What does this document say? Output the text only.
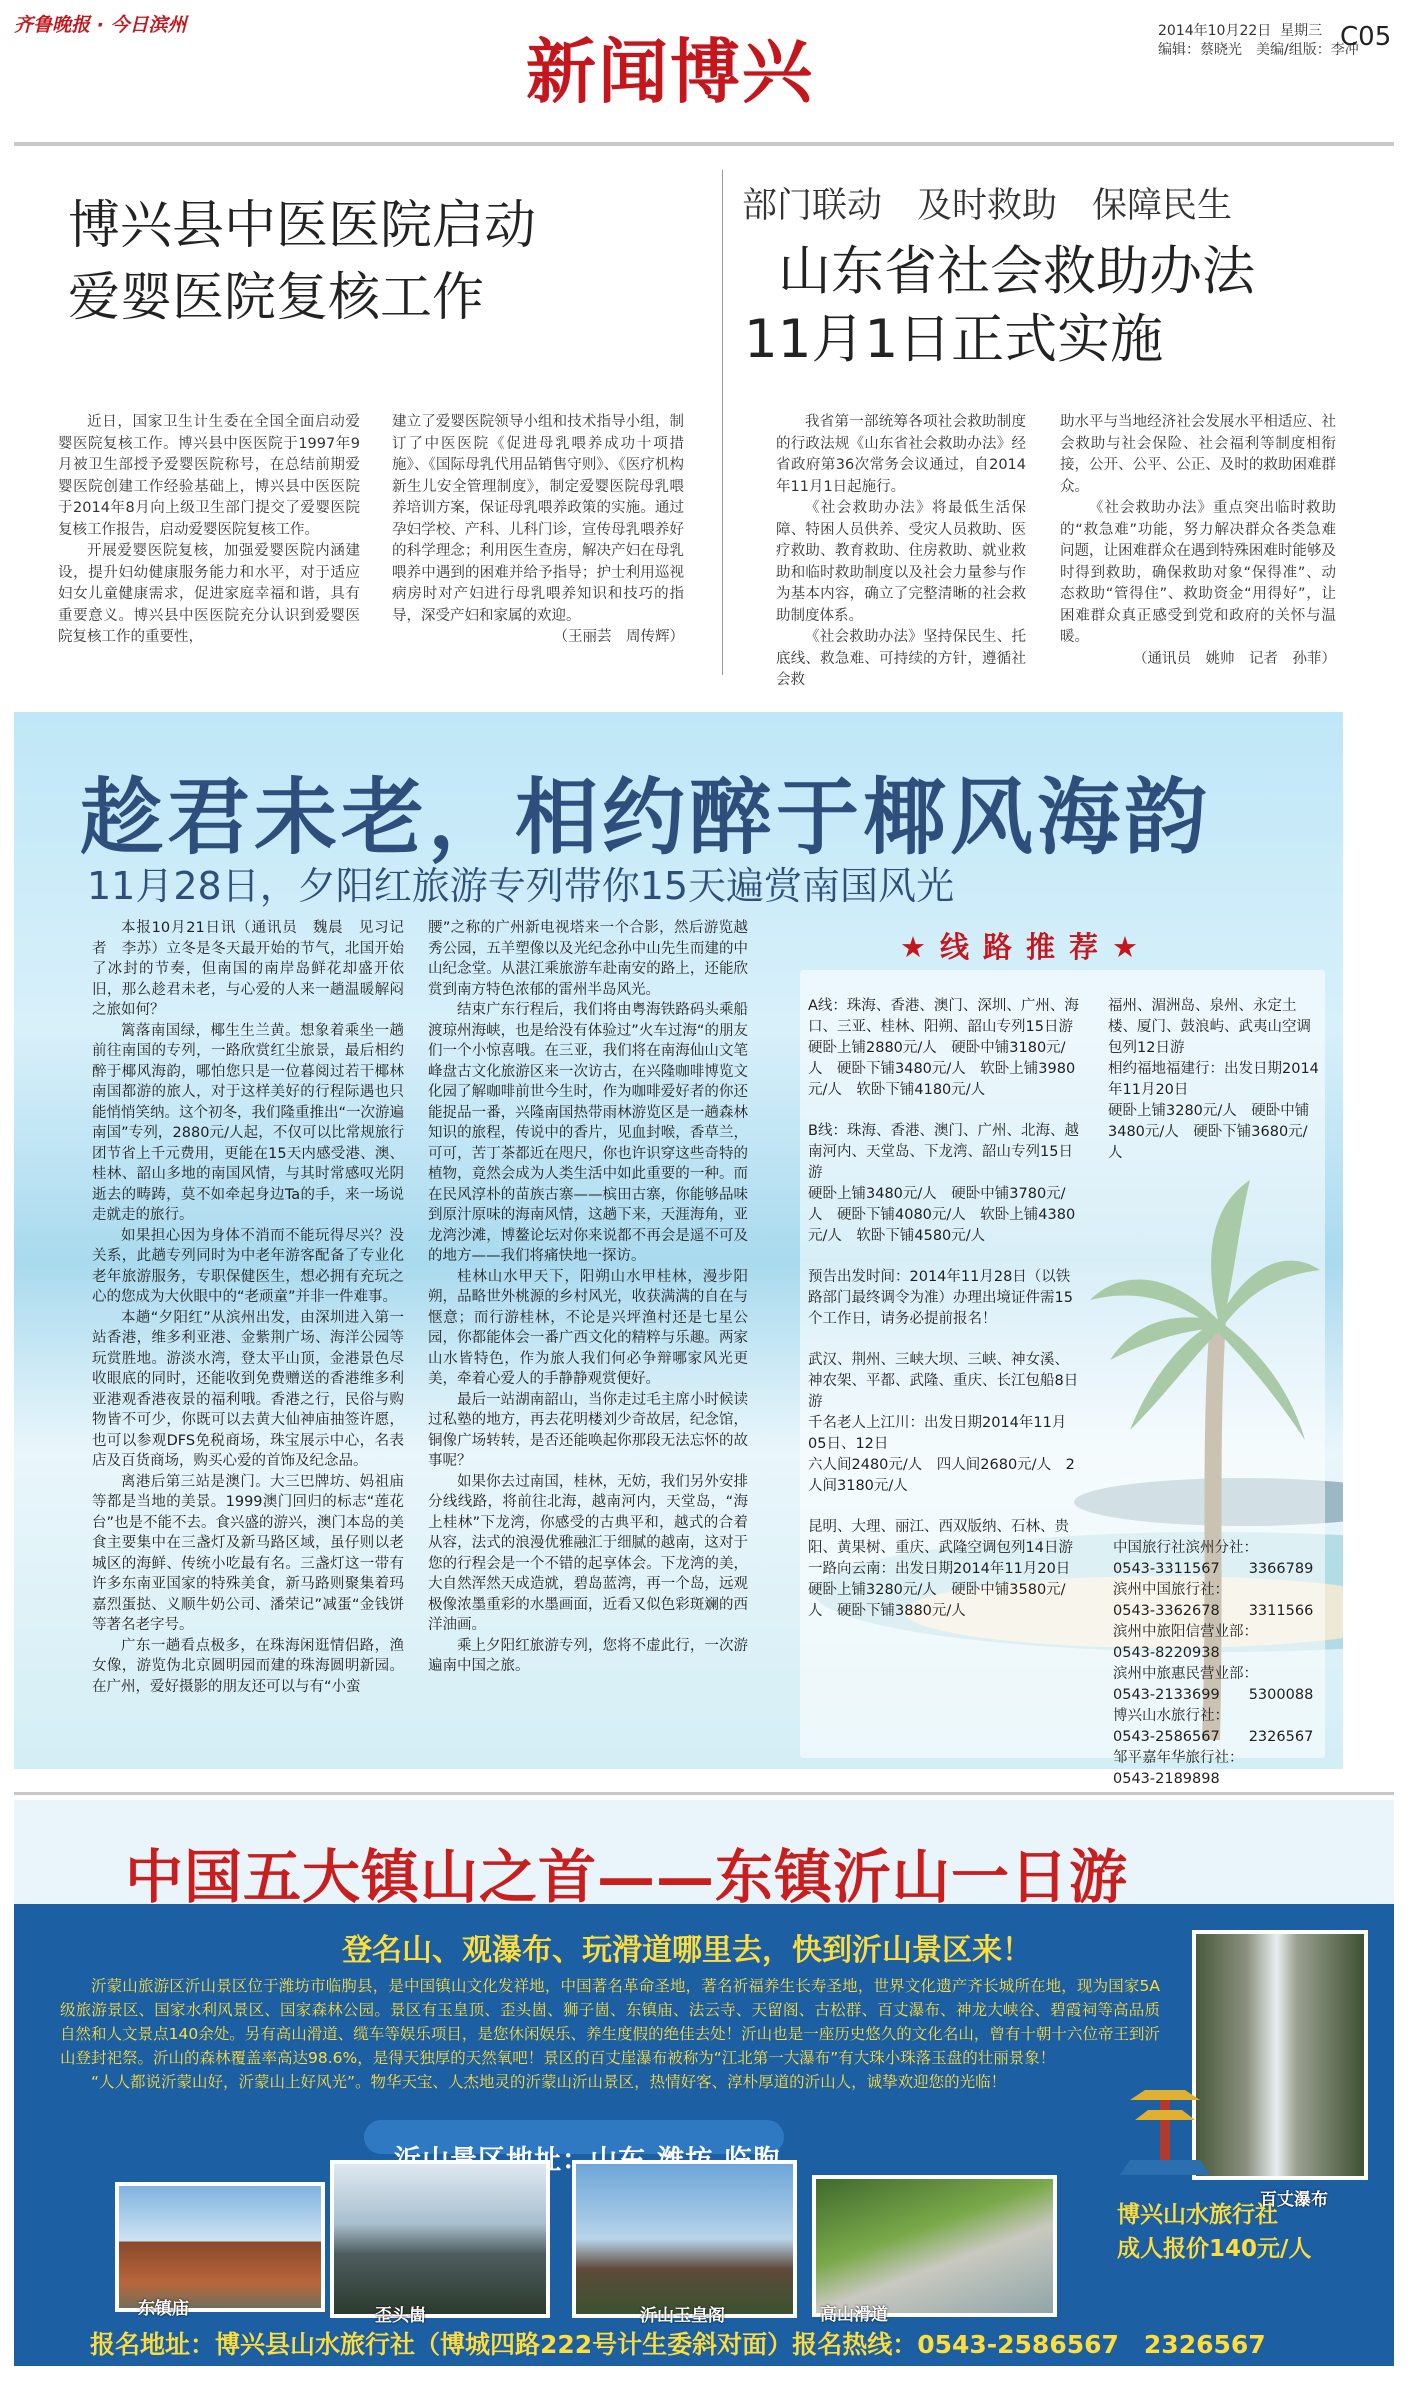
齐鲁晚报 · 今日滨州
新闻博兴	2014年10月22日 星期三
编辑：蔡晓光　美编/组版：李冲
C05
博兴县中医医院启动
爱婴医院复核工作

近日，国家卫生计生委在全国全面启动爱婴医院复核工作。博兴县中医医院于1997年9月被卫生部授予爱婴医院称号，在总结前期爱婴医院创建工作经验基础上，博兴县中医医院于2014年8月向上级卫生部门提交了爱婴医院复核工作报告，启动爱婴医院复核工作。

开展爱婴医院复核，加强爱婴医院内涵建设，提升妇幼健康服务能力和水平，对于适应妇女儿童健康需求，促进家庭幸福和谐，具有重要意义。博兴县中医医院充分认识到爱婴医院复核工作的重要性，

建立了爱婴医院领导小组和技术指导小组，制订了中医医院《促进母乳喂养成功十项措施》、《国际母乳代用品销售守则》、《医疗机构新生儿安全管理制度》，制定爱婴医院母乳喂养培训方案，保证母乳喂养政策的实施。通过孕妇学校、产科、儿科门诊，宣传母乳喂养好的科学理念；利用医生查房，解决产妇在母乳喂养中遇到的困难并给予指导；护士利用巡视病房时对产妇进行母乳喂养知识和技巧的指导，深受产妇和家属的欢迎。

（王丽芸　周传辉）
部门联动　及时救助　保障民生
山东省社会救助办法
11月1日正式实施

我省第一部统筹各项社会救助制度的行政法规《山东省社会救助办法》经省政府第36次常务会议通过，自2014年11月1日起施行。

《社会救助办法》将最低生活保障、特困人员供养、受灾人员救助、医疗救助、教育救助、住房救助、就业救助和临时救助制度以及社会力量参与作为基本内容，确立了完整清晰的社会救助制度体系。

《社会救助办法》坚持保民生、托底线、救急难、可持续的方针，遵循社会救

助水平与当地经济社会发展水平相适应、社会救助与社会保险、社会福利等制度相衔接，公开、公平、公正、及时的救助困难群众。

《社会救助办法》重点突出临时救助的“救急难”功能，努力解决群众各类急难问题，让困难群众在遇到特殊困难时能够及时得到救助，确保救助对象“保得准”、动态救助“管得住”、救助资金“用得好”，让困难群众真正感受到党和政府的关怀与温暖。

（通讯员　姚帅　记者　孙菲）
趁君未老，相约醉于椰风海韵
11月28日，夕阳红旅游专列带你15天遍赏南国风光

本报10月21日讯（通讯员　魏晨　见习记者　李苏）立冬是冬天最开始的节气，北国开始了冰封的节奏，但南国的南岸岛鲜花却盛开依旧，那么趁君未老，与心爱的人来一趟温暖解闷之旅如何？

篱落南国绿，椰生生兰黄。想象着乘坐一趟前往南国的专列，一路欣赏红尘旅景，最后相约醉于椰风海韵，哪怕您只是一位暮阅过若干椰林南国都游的旅人，对于这样美好的行程际遇也只能悄悄笑纳。这个初冬，我们隆重推出“一次游遍南国”专列，2880元/人起，不仅可以比常规旅行团节省上千元费用，更能在15天内感受港、澳、桂林、韶山多地的南国风情，与其时常感叹光阴逝去的畴踌，莫不如牵起身边Ta的手，来一场说走就走的旅行。

如果担心因为身体不消而不能玩得尽兴？没关系，此趟专列同时为中老年游客配备了专业化老年旅游服务，专职保健医生，想必拥有充玩之心的您成为大伙眼中的“老顽童”并非一件难事。

本趟“夕阳红”从滨州出发，由深圳进入第一站香港，维多利亚港、金紫荆广场、海洋公园等玩赏胜地。游淡水湾，登太平山顶，金港景色尽收眼底的同时，还能收到免费赠送的香港维多利亚港观香港夜景的福利哦。香港之行，民俗与购物皆不可少，你既可以去黄大仙神庙抽签许愿，也可以参观DFS免税商场，珠宝展示中心，名表店及百货商场，购买心爱的首饰及纪念品。

离港后第三站是澳门。大三巴牌坊、妈祖庙等都是当地的美景。1999澳门回归的标志“莲花台”也是不能不去。食兴盛的游兴，澳门本岛的美食主要集中在三盏灯及新马路区域，虽仔则以老城区的海鲜、传统小吃最有名。三盏灯这一带有许多东南亚国家的特殊美食，新马路则聚集着玛嘉烈蛋挞、义顺牛奶公司、潘荣记”减蛋“金钱饼等著名老字号。

广东一趟看点极多，在珠海闲逛情侣路，渔女像，游览伪北京圆明园而建的珠海圆明新园。在广州，爱好摄影的朋友还可以与有“小蛮

腰”之称的广州新电视塔来一个合影，然后游览越秀公园，五羊塑像以及光纪念孙中山先生而建的中山纪念堂。从湛江乘旅游车赴南安的路上，还能欣赏到南方特色浓郁的雷州半岛风光。

结束广东行程后，我们将由粤海铁路码头乘船渡琼州海峡，也是给没有体验过”火车过海“的朋友们一个小惊喜哦。在三亚，我们将在南海仙山文笔峰盘古文化旅游区来一次访古，在兴隆咖啡博览文化园了解咖啡前世今生时，作为咖啡爱好者的你还能捉品一番，兴隆南国热带雨林游览区是一趟森林知识的旅程，传说中的香片，见血封喉，香草兰，可可，苦丁茶都近在咫尺，你也许识穿这些奇特的植物，竟然会成为人类生活中如此重要的一种。而在民风淳朴的苗族古寨——槟田古寨，你能够品味到原汁原味的海南风情，这趟下来，天涯海角，亚龙湾沙滩，博鳌论坛对你来说都不再会是遥不可及的地方——我们将痛快地一探访。

桂林山水甲天下，阳朔山水甲桂林，漫步阳朔，品略世外桃源的乡村风光，收获满满的自在与惬意；而行游桂林，不论是兴坪渔村还是七星公园，你都能体会一番广西文化的精粹与乐趣。两家山水皆特色，作为旅人我们何必争辩哪家风光更美，牵着心爱人的手静静观赏便好。

最后一站湖南韶山，当你走过毛主席小时候读过私塾的地方，再去花明楼刘少奇故居，纪念馆，铜像广场转转，是否还能唤起你那段无法忘怀的故事呢？

如果你去过南国，桂林，无妨，我们另外安排分线线路，将前往北海，越南河内，天堂岛，“海上桂林”下龙湾，你感受的古典平和，越式的合着从容，法式的浪漫优雅融汇于细腻的越南，这对于您的行程会是一个不错的起享体会。下龙湾的美，大自然浑然天成造就，碧岛蓝湾，再一个岛，远观极像浓墨重彩的水墨画面，近看又似色彩斑斓的西洋油画。

乘上夕阳红旅游专列，您将不虚此行，一次游遍南中国之旅。

★线路推荐★

A线：珠海、香港、澳门、深圳、广州、海口、三亚、桂林、阳朔、韶山专列15日游

硬卧上铺2880元/人　硬卧中铺3180元/人　硬卧下铺3480元/人　软卧上铺3980元/人　软卧下铺4180元/人

B线：珠海、香港、澳门、广州、北海、越南河内、天堂岛、下龙湾、韶山专列15日游

硬卧上铺3480元/人　硬卧中铺3780元/人　硬卧下铺4080元/人　软卧上铺4380元/人　软卧下铺4580元/人

预告出发时间：2014年11月28日（以铁路部门最终调令为准）办理出境证件需15个工作日，请务必提前报名！

武汉、荆州、三峡大坝、三峡、神女溪、神农架、平都、武隆、重庆、长江包船8日游

千名老人上江川：出发日期2014年11月05日、12日

六人间2480元/人　四人间2680元/人　2人间3180元/人

昆明、大理、丽江、西双版纳、石林、贵阳、黄果树、重庆、武隆空调包列14日游

一路向云南：出发日期2014年11月20日

硬卧上铺3280元/人　硬卧中铺3580元/人　硬卧下铺3880元/人

福州、湄洲岛、泉州、永定土楼、厦门、鼓浪屿、武夷山空调包列12日游

相约福地福建行：出发日期2014年11月20日

硬卧上铺3280元/人　硬卧中铺3480元/人　硬卧下铺3680元/人

中国旅行社滨州分社：

0543-3311567　　3366789

滨州中国旅行社：

0543-3362678　　3311566

滨州中旅阳信营业部：

0543-8220938

滨州中旅惠民营业部：

0543-2133699　　5300088

博兴山水旅行社：

0543-2586567　　2326567

邹平嘉年华旅行社：

0543-2189898

中国五大镇山之首——东镇沂山一日游
登名山、观瀑布、玩滑道哪里去，快到沂山景区来！

沂蒙山旅游区沂山景区位于潍坊市临朐县，是中国镇山文化发祥地，中国著名革命圣地，著名祈福养生长寿圣地，世界文化遗产齐长城所在地，现为国家5A级旅游景区、国家水利风景区、国家森林公园。景区有玉皇顶、歪头崮、狮子崮、东镇庙、法云寺、天留阁、古松群、百丈瀑布、神龙大峡谷、碧霞祠等高品质自然和人文景点140余处。另有高山滑道、缆车等娱乐项目，是您休闲娱乐、养生度假的绝佳去处！沂山也是一座历史悠久的文化名山，曾有十朝十六位帝王到沂山登封祀祭。沂山的森林覆盖率高达98.6%，是得天独厚的天然氧吧！景区的百丈崖瀑布被称为“江北第一大瀑布”有大珠小珠落玉盘的壮丽景象！

“人人都说沂蒙山好，沂蒙山上好风光”。物华天宝、人杰地灵的沂蒙山沂山景区，热情好客、淳朴厚道的沂山人，诚挚欢迎您的光临！

东镇庙	歪头崮	沂山玉皇阁	高山滑道
百丈瀑布
博兴山水旅行社
成人报价140元/人
报名地址：博兴县山水旅行社（博城四路222号计生委斜对面）报名热线：0543-2586567　2326567
